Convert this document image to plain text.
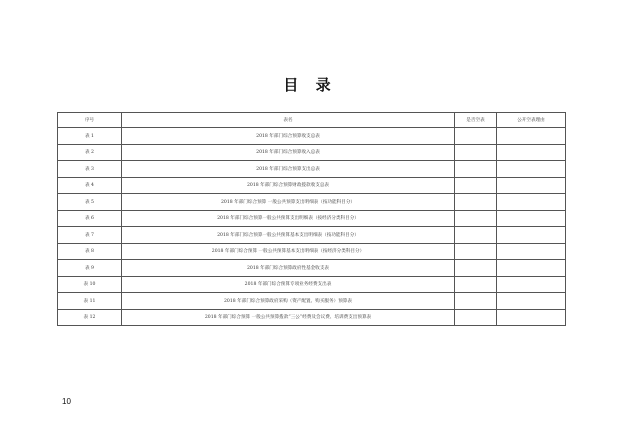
目 录
序号	表名	是否空表	公开空表理由
表 1	2018 年部门综合预算收支总表		
表 2	2018 年部门综合预算收入总表		
表 3	2018 年部门综合预算支出总表		
表 4	2018 年部门综合预算财政拨款收支总表		
表 5	2018 年部门综合预算 一般公共预算支出明细表（按功能科目分）		
表 6	2018 年部门综合预算一般公共预算支出明细表（按经济分类科目分）		
表 7	2018 年部门综合预算一般公共预算基本支出明细表（按功能科目分）		
表 8	2018 年部门综合预算 一般公共预算基本支出明细表（按经济分类科目分）		
表 9	2018 年部门综合预算政府性基金收支表		
表 10	2018 年部门综合预算专项业务经费支出表		
表 11	2018 年部门综合预算政府采购（资产配置、购买服务）预算表		
表 12	2018 年部门综合预算 一般公共预算拨款“三公”经费及会议费、培训费支出预算表		
10
